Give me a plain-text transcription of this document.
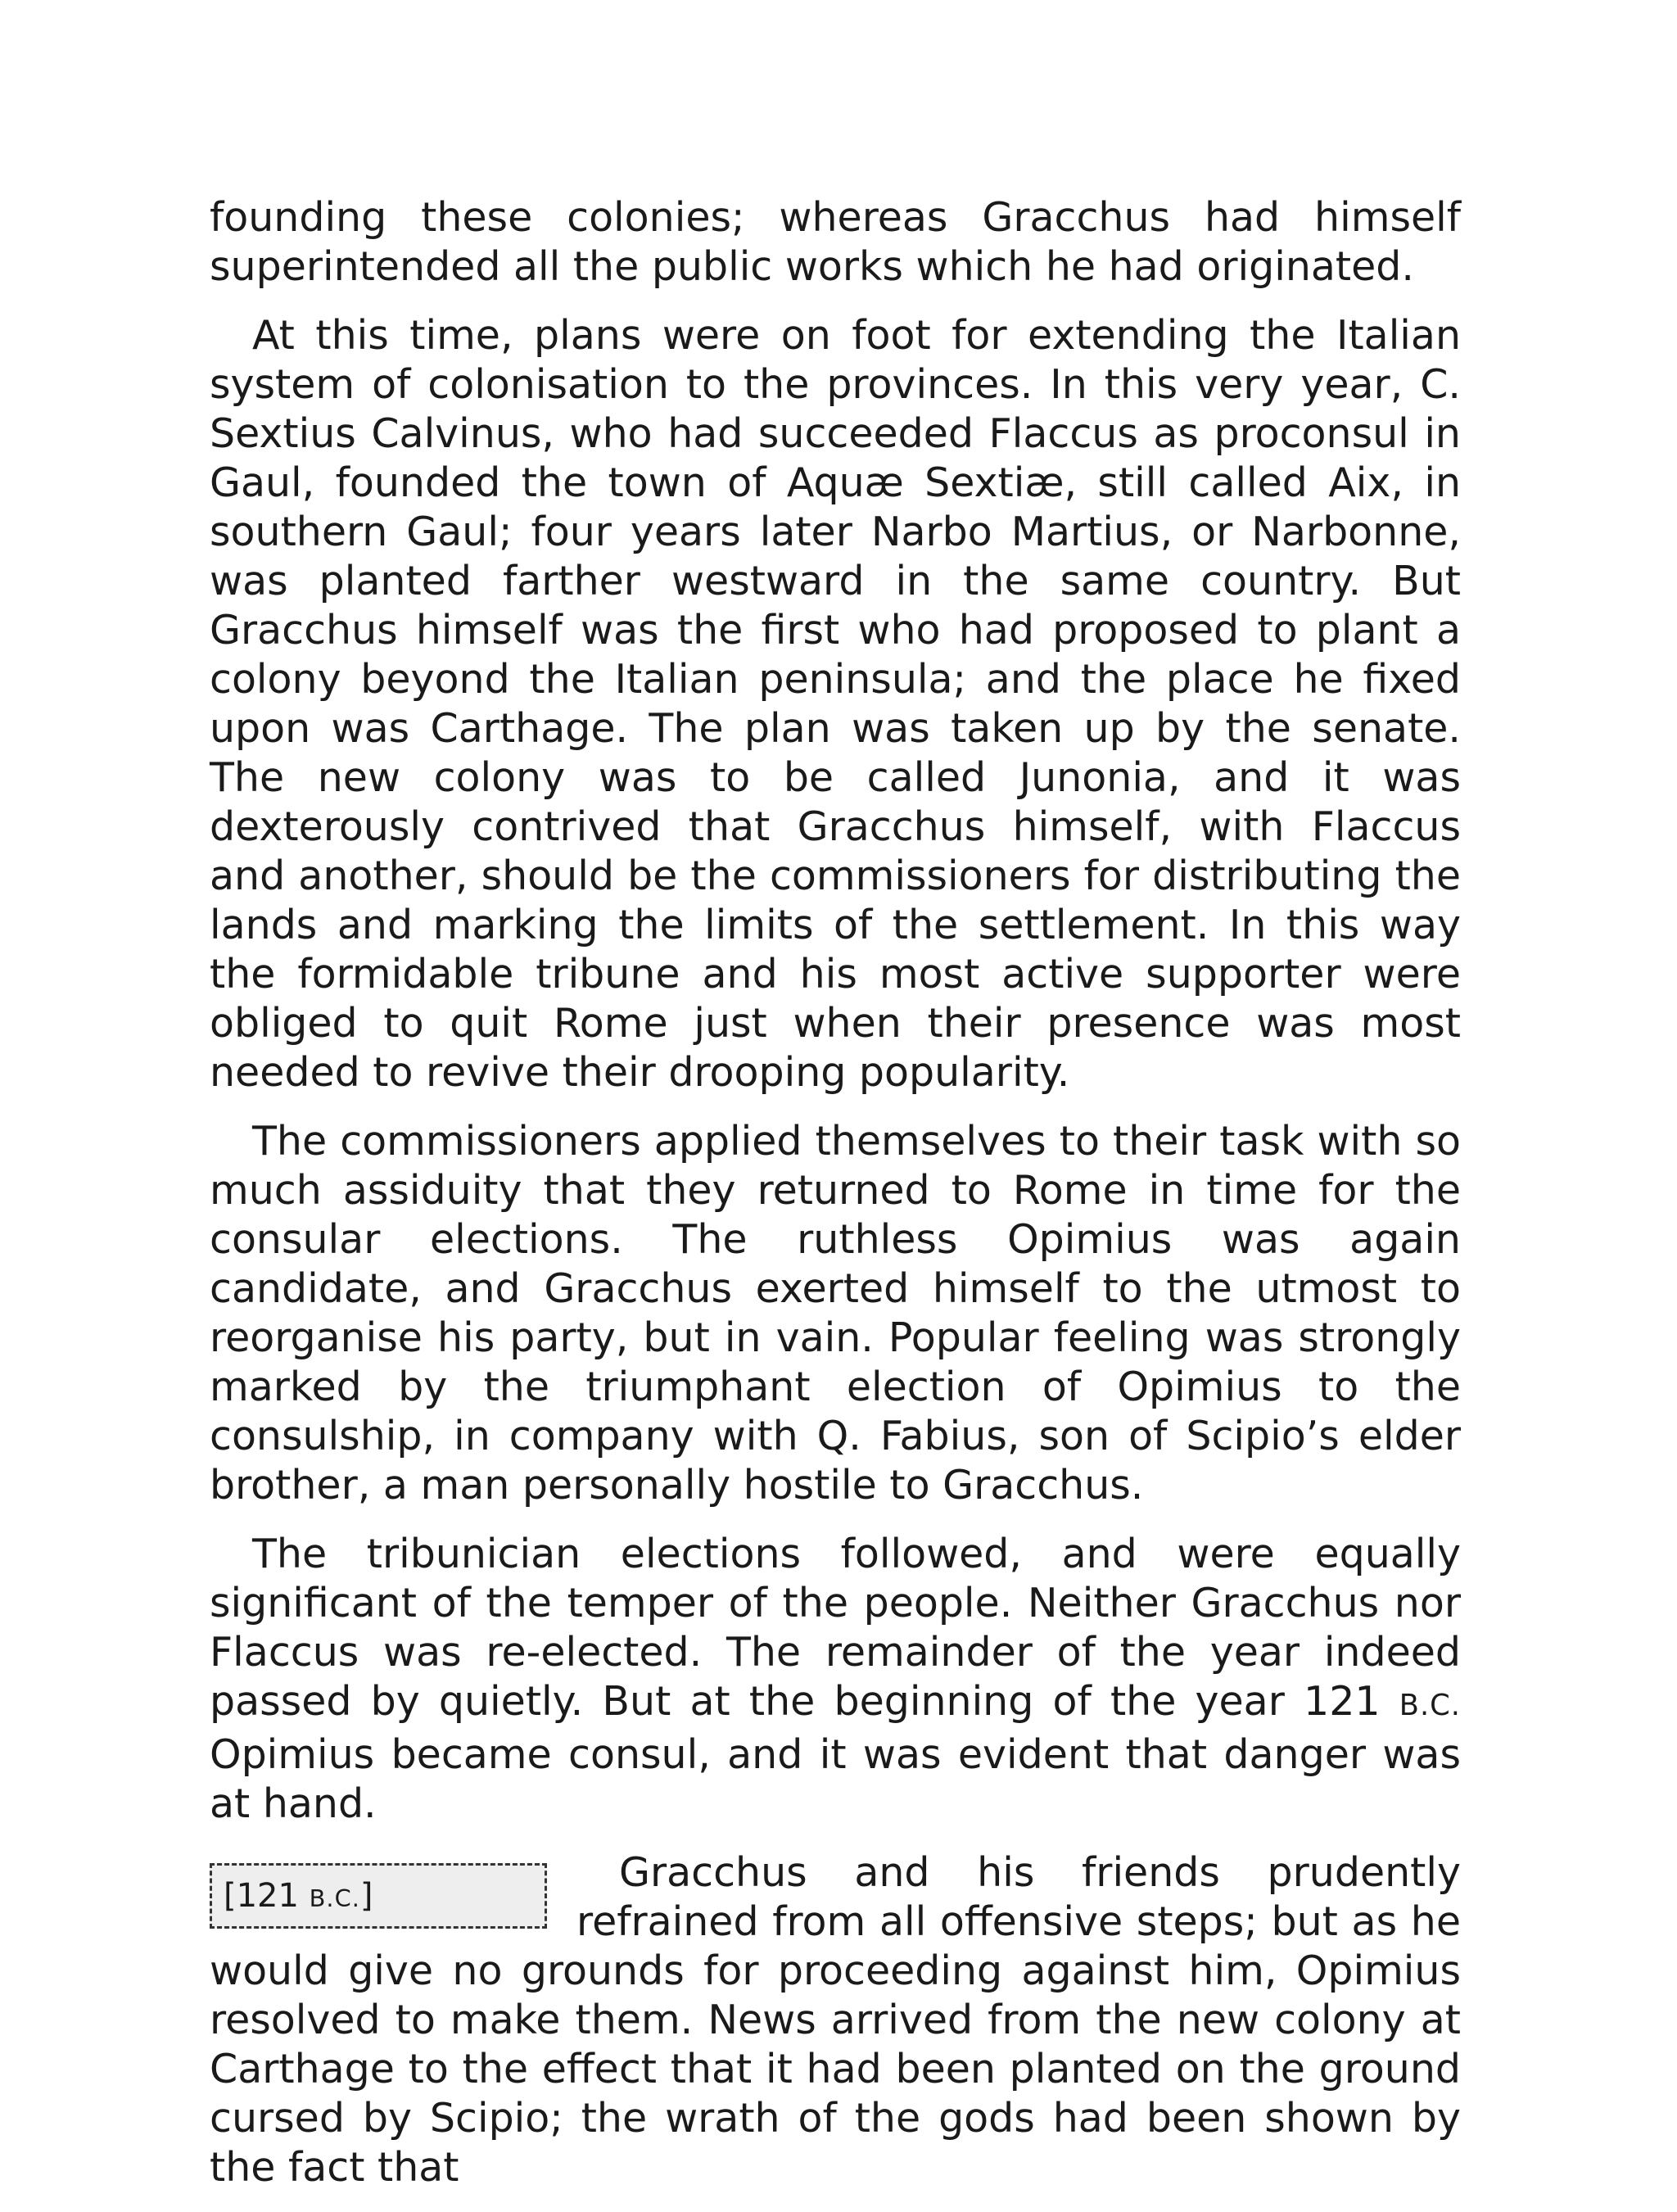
founding these colonies; whereas Gracchus had himself
superintended all the public works which he had originated.

At this time, plans were on foot for extending the Italian system of colonisation to the provinces. In this very year, C. Sextius Calvinus, who had succeeded Flaccus as proconsul in Gaul, founded the town of Aquæ Sextiæ, still called Aix, in southern Gaul; four years later Narbo Martius, or Narbonne, was planted farther westward in the same country. But Gracchus himself was the first who had proposed to plant a colony beyond the Italian peninsula; and the place he fixed upon was Carthage. The plan was taken up by the senate. The new colony was to be called Junonia, and it was dexterously contrived that Gracchus himself, with Flaccus and another, should be the commissioners for distributing the lands and marking the limits of the settlement. In this way the formidable tribune and his most active supporter were obliged to quit Rome just when their presence was most needed to revive their drooping popularity.

The commissioners applied themselves to their task with so much assiduity that they returned to Rome in time for the consular elections. The ruthless Opimius was again candidate, and Gracchus exerted himself to the utmost to reorganise his party, but in vain. Popular feeling was strongly marked by the triumphant election of Opimius to the consulship, in company with Q. Fabius, son of Scipio’s elder brother, a man personally hostile to Gracchus.

The tribunician elections followed, and were equally significant of the temper of the people. Neither Gracchus nor Flaccus was re-elected. The remainder of the year indeed passed by quietly. But at the beginning of the year 121 B.C. Opimius became consul, and it was evident that danger was at hand.

[121 B.C.]	Gracchus and his friends prudently refrained from all offensive steps; but as he would give no grounds for proceeding against him, Opimius resolved to make them. News arrived from the new colony at Carthage to the effect that it had been planted on the ground cursed by Scipio; the wrath of the gods had been shown by the fact that
